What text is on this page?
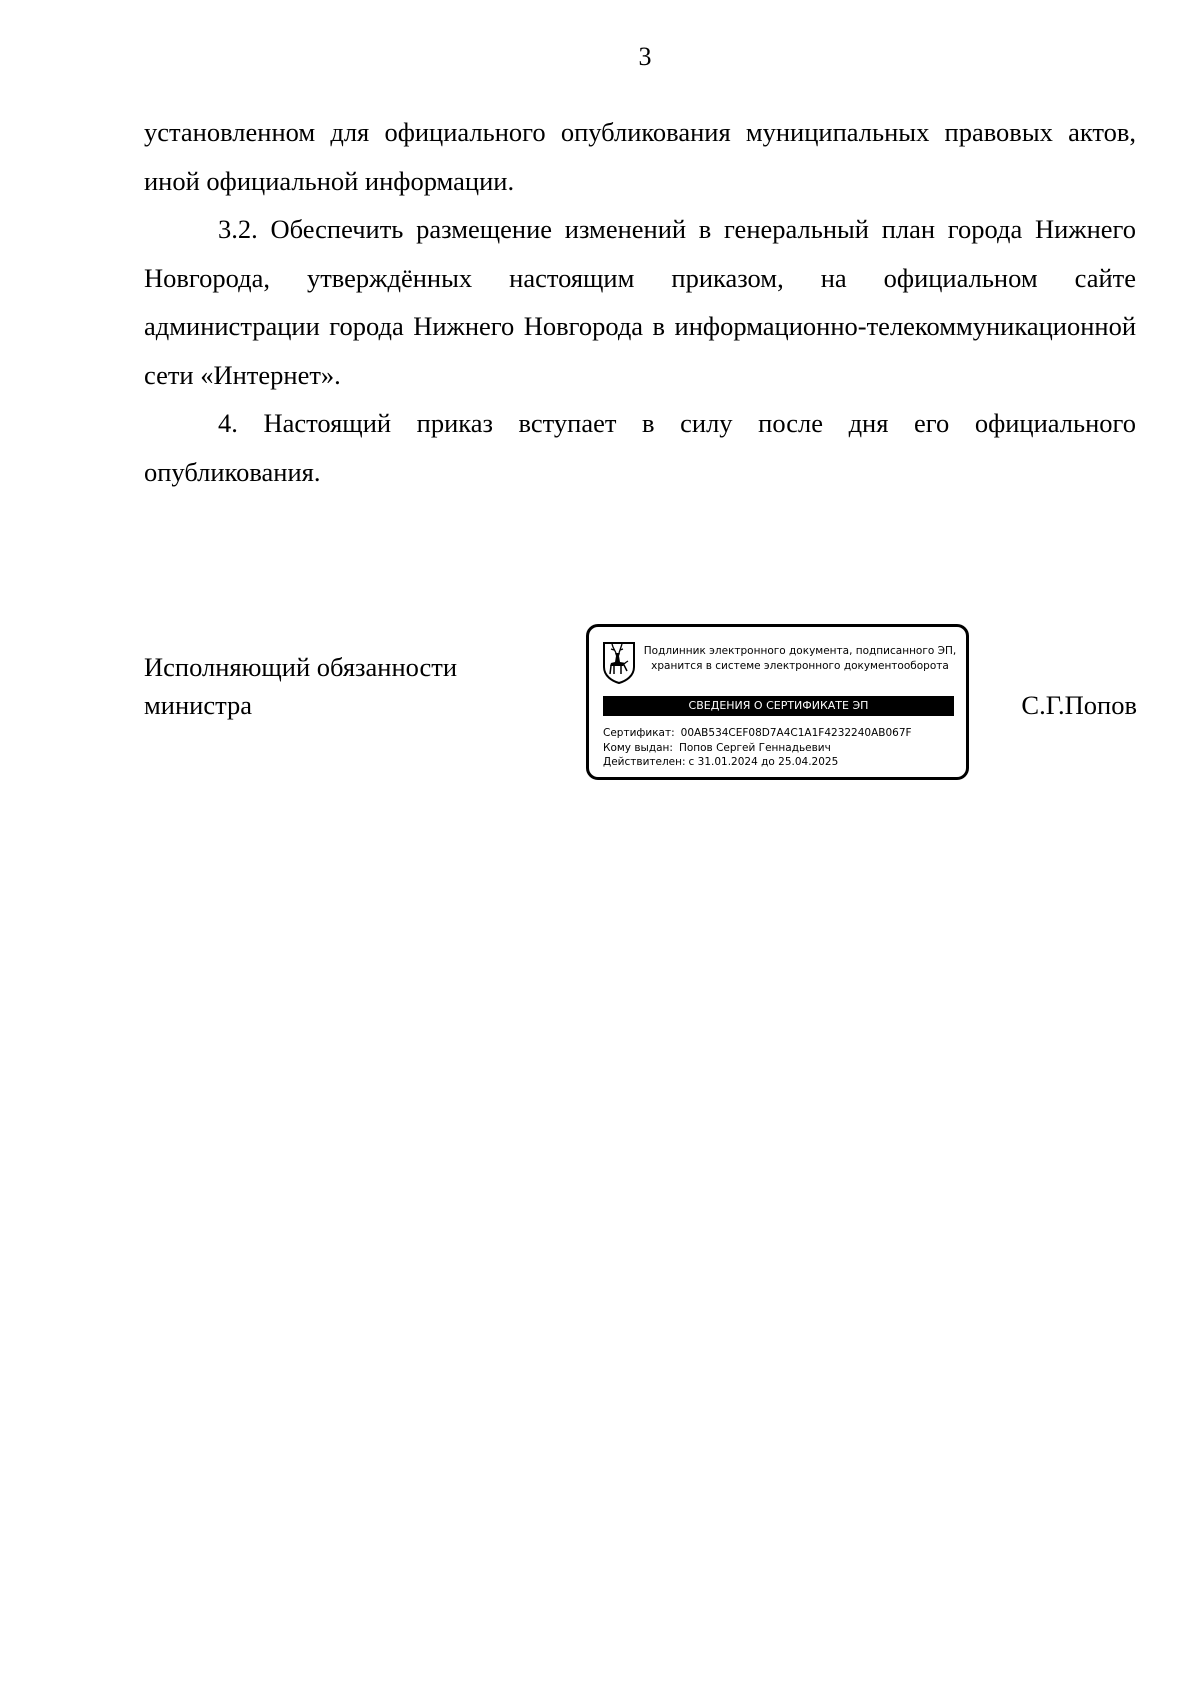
3

установленном для официального опубликования муниципальных правовых актов, иной официальной информации.

3.2. Обеспечить размещение изменений в генеральный план города Нижнего Новгорода, утверждённых настоящим приказом, на официальном сайте администрации города Нижнего Новгорода в информационно-телекоммуникационной сети «Интернет».

4. Настоящий приказ вступает в силу после дня его официального опубликования.

Исполняющий обязанности
министра
Подлинник электронного документа, подписанного ЭП,
хранится в системе электронного документооборота
СВЕДЕНИЯ О СЕРТИФИКАТЕ ЭП
Сертификат: 00AB534CEF08D7A4C1A1F4232240AB067F
Кому выдан: Попов Сергей Геннадьевич
Действителен: с 31.01.2024 до 25.04.2025
С.Г.Попов
